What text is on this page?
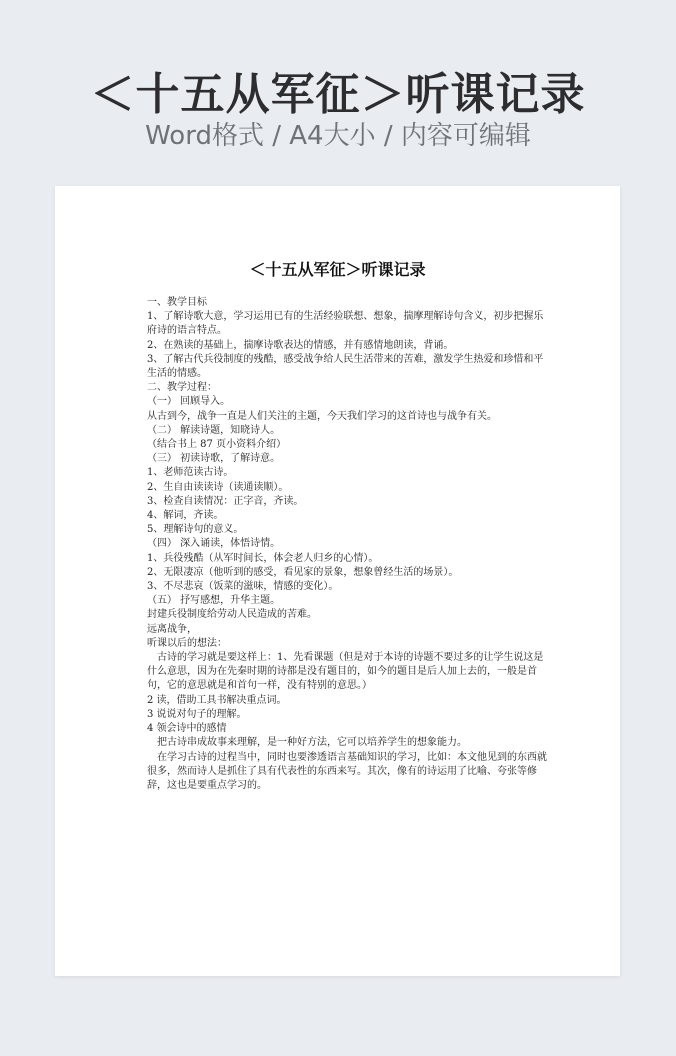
＜十五从军征＞听课记录
Word格式 / A4大小 / 内容可编辑
＜十五从军征＞听课记录

一、教学目标

1、了解诗歌大意，学习运用已有的生活经验联想、想象，揣摩理解诗句含义，初步把握乐府诗的语言特点。

2、在熟读的基础上，揣摩诗歌表达的情感，并有感情地朗读，背诵。

3、了解古代兵役制度的残酷，感受战争给人民生活带来的苦难，激发学生热爱和珍惜和平生活的情感。

二、教学过程：

（一） 回顾导入。

从古到今，战争一直是人们关注的主题，今天我们学习的这首诗也与战争有关。

（二） 解读诗题，知晓诗人。

（结合书上 87 页小资料介绍）

（三） 初读诗歌，了解诗意。

1、老师范读古诗。

2、生自由读读诗（读通读顺）。

3、检查自读情况：正字音，齐读。

4、解词，齐读。

5、理解诗句的意义。

（四） 深入诵读，体悟诗情。

1、兵役残酷（从军时间长，体会老人归乡的心情）。

2、无限凄凉（他听到的感受，看见家的景象，想象曾经生活的场景）。

3、不尽悲哀（饭菜的滋味，情感的变化）。

（五） 抒写感想，升华主题。

封建兵役制度给劳动人民造成的苦难。

远离战争，

听课以后的想法：

古诗的学习就是要这样上：1、先看课题（但是对于本诗的诗题不要过多的让学生说这是什么意思，因为在先秦时期的诗都是没有题目的，如今的题目是后人加上去的，一般是首句，它的意思就是和首句一样，没有特别的意思。）

2 读，借助工具书解决重点词。

3 说说对句子的理解。

4 领会诗中的感情

把古诗串成故事来理解，是一种好方法，它可以培养学生的想象能力。

在学习古诗的过程当中，同时也要渗透语言基础知识的学习，比如：本文他见到的东西就很多，然而诗人是抓住了具有代表性的东西来写。其次，像有的诗运用了比喻、夸张等修辞，这也是要重点学习的。
